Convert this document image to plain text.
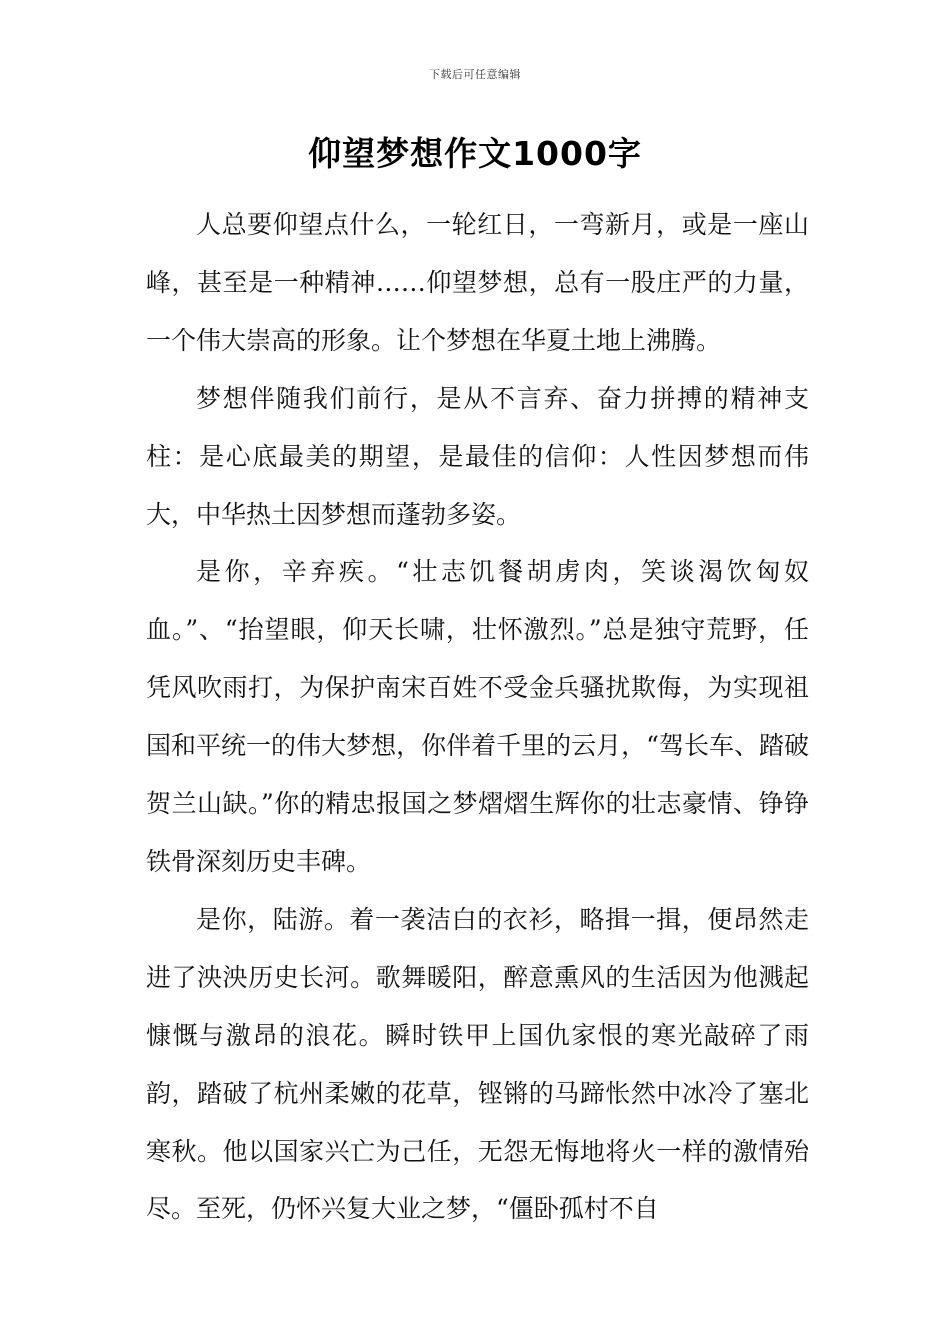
下载后可任意编辑
仰望梦想作文1000字

人总要仰望点什么，一轮红日，一弯新月，或是一座山峰，甚至是一种精神……仰望梦想，总有一股庄严的力量，一个伟大崇高的形象。让个梦想在华夏土地上沸腾。

梦想伴随我们前行，是从不言弃、奋力拼搏的精神支柱：是心底最美的期望，是最佳的信仰：人性因梦想而伟大，中华热土因梦想而蓬勃多姿。

是你，辛弃疾。“壮志饥餐胡虏肉，笑谈渴饮匈奴血。”、“抬望眼，仰天长啸，壮怀激烈。”总是独守荒野，任凭风吹雨打，为保护南宋百姓不受金兵骚扰欺侮，为实现祖国和平统一的伟大梦想，你伴着千里的云月，“驾长车、踏破贺兰山缺。”你的精忠报国之梦熠熠生辉你的壮志豪情、铮铮铁骨深刻历史丰碑。

是你，陆游。着一袭洁白的衣衫，略揖一揖，便昂然走进了泱泱历史长河。歌舞暖阳，醉意熏风的生活因为他溅起慷慨与激昂的浪花。瞬时铁甲上国仇家恨的寒光敲碎了雨韵，踏破了杭州柔嫩的花草，铿锵的马蹄怅然中冰冷了塞北寒秋。他以国家兴亡为己任，无怨无悔地将火一样的激情殆尽。至死，仍怀兴复大业之梦，“僵卧孤村不自
